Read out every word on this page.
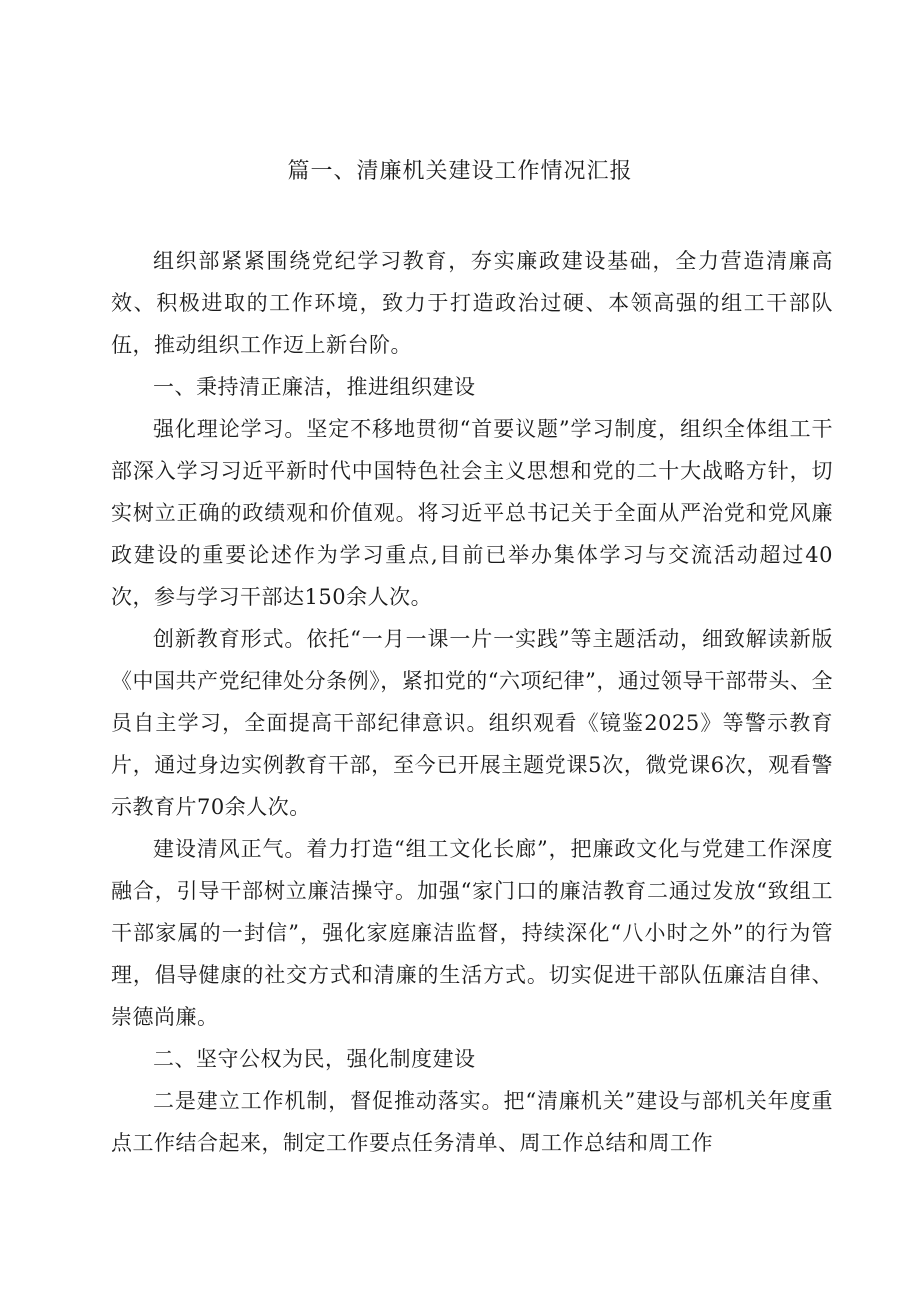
篇一、清廉机关建设工作情况汇报

组织部紧紧围绕党纪学习教育，夯实廉政建设基础，全力营造清廉高效、积极进取的工作环境，致力于打造政治过硬、本领高强的组工干部队伍，推动组织工作迈上新台阶。

一、秉持清正廉洁，推进组织建设

强化理论学习。坚定不移地贯彻“首要议题”学习制度，组织全体组工干部深入学习习近平新时代中国特色社会主义思想和党的二十大战略方针，切实树立正确的政绩观和价值观。将习近平总书记关于全面从严治党和党风廉政建设的重要论述作为学习重点,目前已举办集体学习与交流活动超过40次，参与学习干部达150余人次。

创新教育形式。依托“一月一课一片一实践”等主题活动，细致解读新版《中国共产党纪律处分条例》，紧扣党的“六项纪律”，通过领导干部带头、全员自主学习，全面提高干部纪律意识。组织观看《镜鉴2025》等警示教育片，通过身边实例教育干部，至今已开展主题党课5次，微党课6次，观看警示教育片70余人次。

建设清风正气。着力打造“组工文化长廊”，把廉政文化与党建工作深度融合，引导干部树立廉洁操守。加强“家门口的廉洁教育二通过发放“致组工干部家属的一封信”，强化家庭廉洁监督，持续深化“八小时之外”的行为管理，倡导健康的社交方式和清廉的生活方式。切实促进干部队伍廉洁自律、崇德尚廉。

二、坚守公权为民，强化制度建设

二是建立工作机制，督促推动落实。把“清廉机关”建设与部机关年度重点工作结合起来，制定工作要点任务清单、周工作总结和周工作
